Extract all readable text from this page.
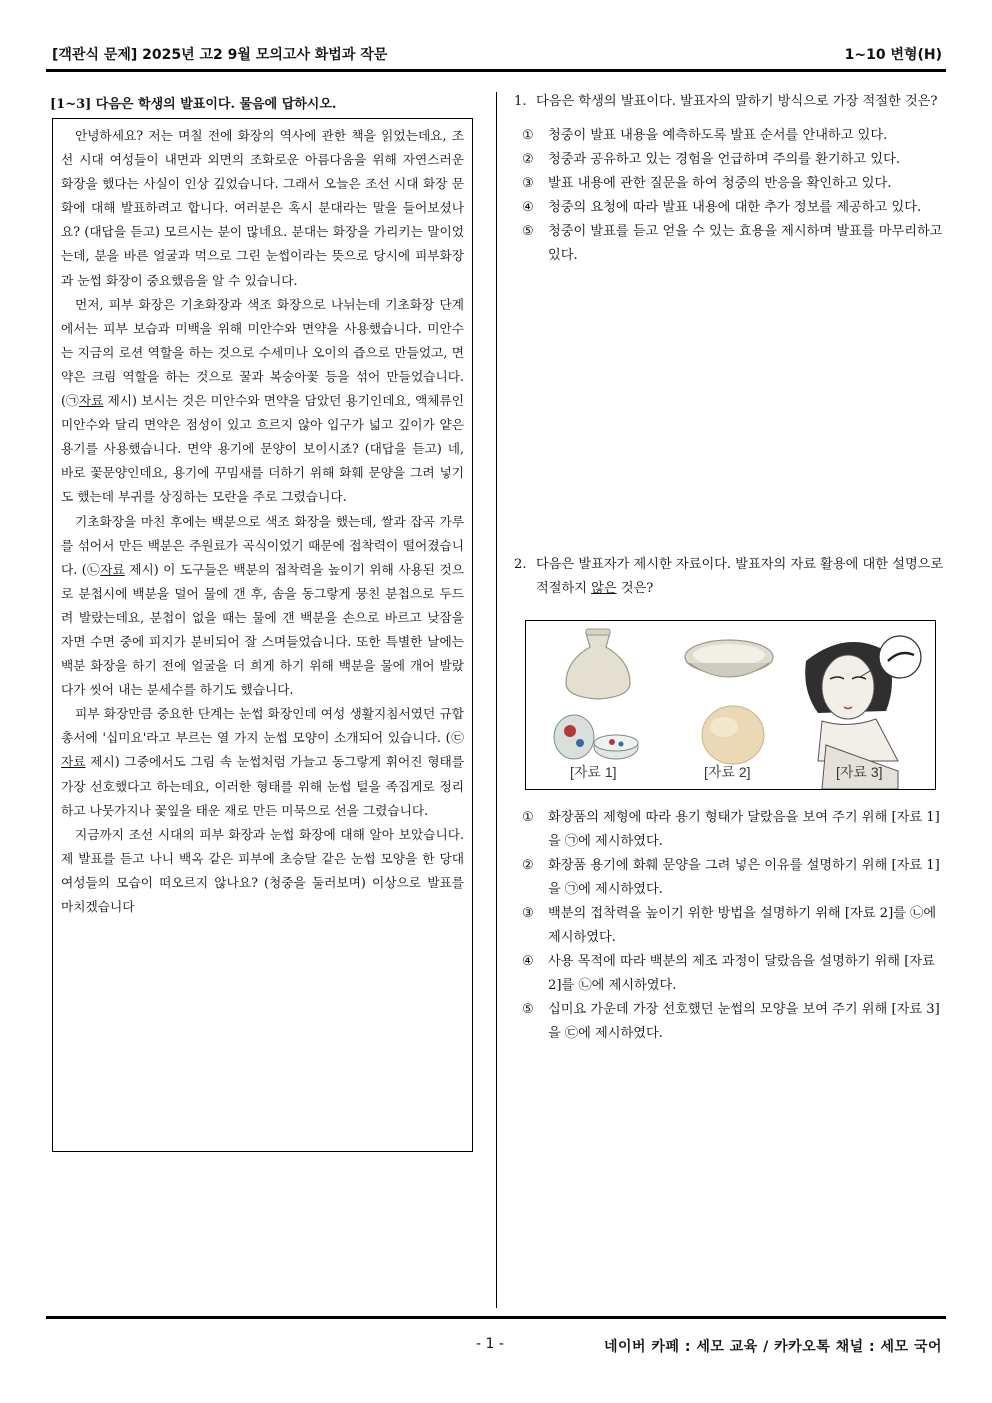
[객관식 문제] 2025년 고2 9월 모의고사 화법과 작문	1~10 변형(H)
[1~3] 다음은 학생의 발표이다. 물음에 답하시오.

안녕하세요? 저는 며칠 전에 화장의 역사에 관한 책을 읽었는데요, 조선 시대 여성들이 내면과 외면의 조화로운 아름다움을 위해 자연스러운 화장을 했다는 사실이 인상 깊었습니다. 그래서 오늘은 조선 시대 화장 문화에 대해 발표하려고 합니다. 여러분은 혹시 분대라는 말을 들어보셨나요? (대답을 듣고) 모르시는 분이 많네요. 분대는 화장을 가리키는 말이었는데, 분을 바른 얼굴과 먹으로 그린 눈썹이라는 뜻으로 당시에 피부화장과 눈썹 화장이 중요했음을 알 수 있습니다.

먼저, 피부 화장은 기초화장과 색조 화장으로 나뉘는데 기초화장 단계에서는 피부 보습과 미백을 위해 미안수와 면약을 사용했습니다. 미안수는 지금의 로션 역할을 하는 것으로 수세미나 오이의 즙으로 만들었고, 면약은 크림 역할을 하는 것으로 꿀과 복숭아꽃 등을 섞어 만들었습니다. (㉠자료 제시) 보시는 것은 미안수와 면약을 담았던 용기인데요, 액체류인 미안수와 달리 면약은 점성이 있고 흐르지 않아 입구가 넓고 깊이가 얕은 용기를 사용했습니다. 면약 용기에 문양이 보이시죠? (대답을 듣고) 네, 바로 꽃문양인데요, 용기에 꾸밈새를 더하기 위해 화훼 문양을 그려 넣기도 했는데 부귀를 상징하는 모란을 주로 그렸습니다.

기초화장을 마친 후에는 백분으로 색조 화장을 했는데, 쌀과 잡곡 가루를 섞어서 만든 백분은 주원료가 곡식이었기 때문에 접착력이 떨어졌습니다. (㉡자료 제시) 이 도구들은 백분의 접착력을 높이기 위해 사용된 것으로 분첩시에 백분을 덜어 물에 갠 후, 솜을 동그랗게 뭉친 분첩으로 두드려 발랐는데요, 분첩이 없을 때는 물에 갠 백분을 손으로 바르고 낮잠을 자면 수면 중에 피지가 분비되어 잘 스며들었습니다. 또한 특별한 날에는 백분 화장을 하기 전에 얼굴을 더 희게 하기 위해 백분을 물에 개어 발랐다가 씻어 내는 분세수를 하기도 했습니다.

피부 화장만큼 중요한 단계는 눈썹 화장인데 여성 생활지침서였던 규합총서에 '십미요'라고 부르는 열 가지 눈썹 모양이 소개되어 있습니다. (㉢자료 제시) 그중에서도 그림 속 눈썹처럼 가늘고 동그랗게 휘어진 형태를 가장 선호했다고 하는데요, 이러한 형태를 위해 눈썹 털을 족집게로 정리하고 나뭇가지나 꽃잎을 태운 재로 만든 미묵으로 선을 그렸습니다.

지금까지 조선 시대의 피부 화장과 눈썹 화장에 대해 알아 보았습니다. 제 발표를 듣고 나니 백옥 같은 피부에 초승달 같은 눈썹 모양을 한 당대 여성들의 모습이 떠오르지 않나요? (청중을 둘러보며) 이상으로 발표를 마치겠습니다

1. 다음은 학생의 발표이다. 발표자의 말하기 방식으로 가장 적절한 것은?
① 청중이 발표 내용을 예측하도록 발표 순서를 안내하고 있다.
② 청중과 공유하고 있는 경험을 언급하며 주의를 환기하고 있다.
③ 발표 내용에 관한 질문을 하여 청중의 반응을 확인하고 있다.
④ 청중의 요청에 따라 발표 내용에 대한 추가 정보를 제공하고 있다.
⑤ 청중이 발표를 듣고 얻을 수 있는 효용을 제시하며 발표를 마무리하고 있다.
2. 다음은 발표자가 제시한 자료이다. 발표자의 자료 활용에 대한 설명으로 적절하지 않은 것은?
[자료 1]	[자료 2]	[자료 3]
① 화장품의 제형에 따라 용기 형태가 달랐음을 보여 주기 위해 [자료 1]을 ㉠에 제시하였다.
② 화장품 용기에 화훼 문양을 그려 넣은 이유를 설명하기 위해 [자료 1]을 ㉠에 제시하였다.
③ 백분의 접착력을 높이기 위한 방법을 설명하기 위해 [자료 2]를 ㉡에 제시하였다.
④ 사용 목적에 따라 백분의 제조 과정이 달랐음을 설명하기 위해 [자료 2]를 ㉡에 제시하였다.
⑤ 십미요 가운데 가장 선호했던 눈썹의 모양을 보여 주기 위해 [자료 3]을 ㉢에 제시하였다.
- 1 -	네이버 카페 : 세모 교육 / 카카오톡 채널 : 세모 국어
